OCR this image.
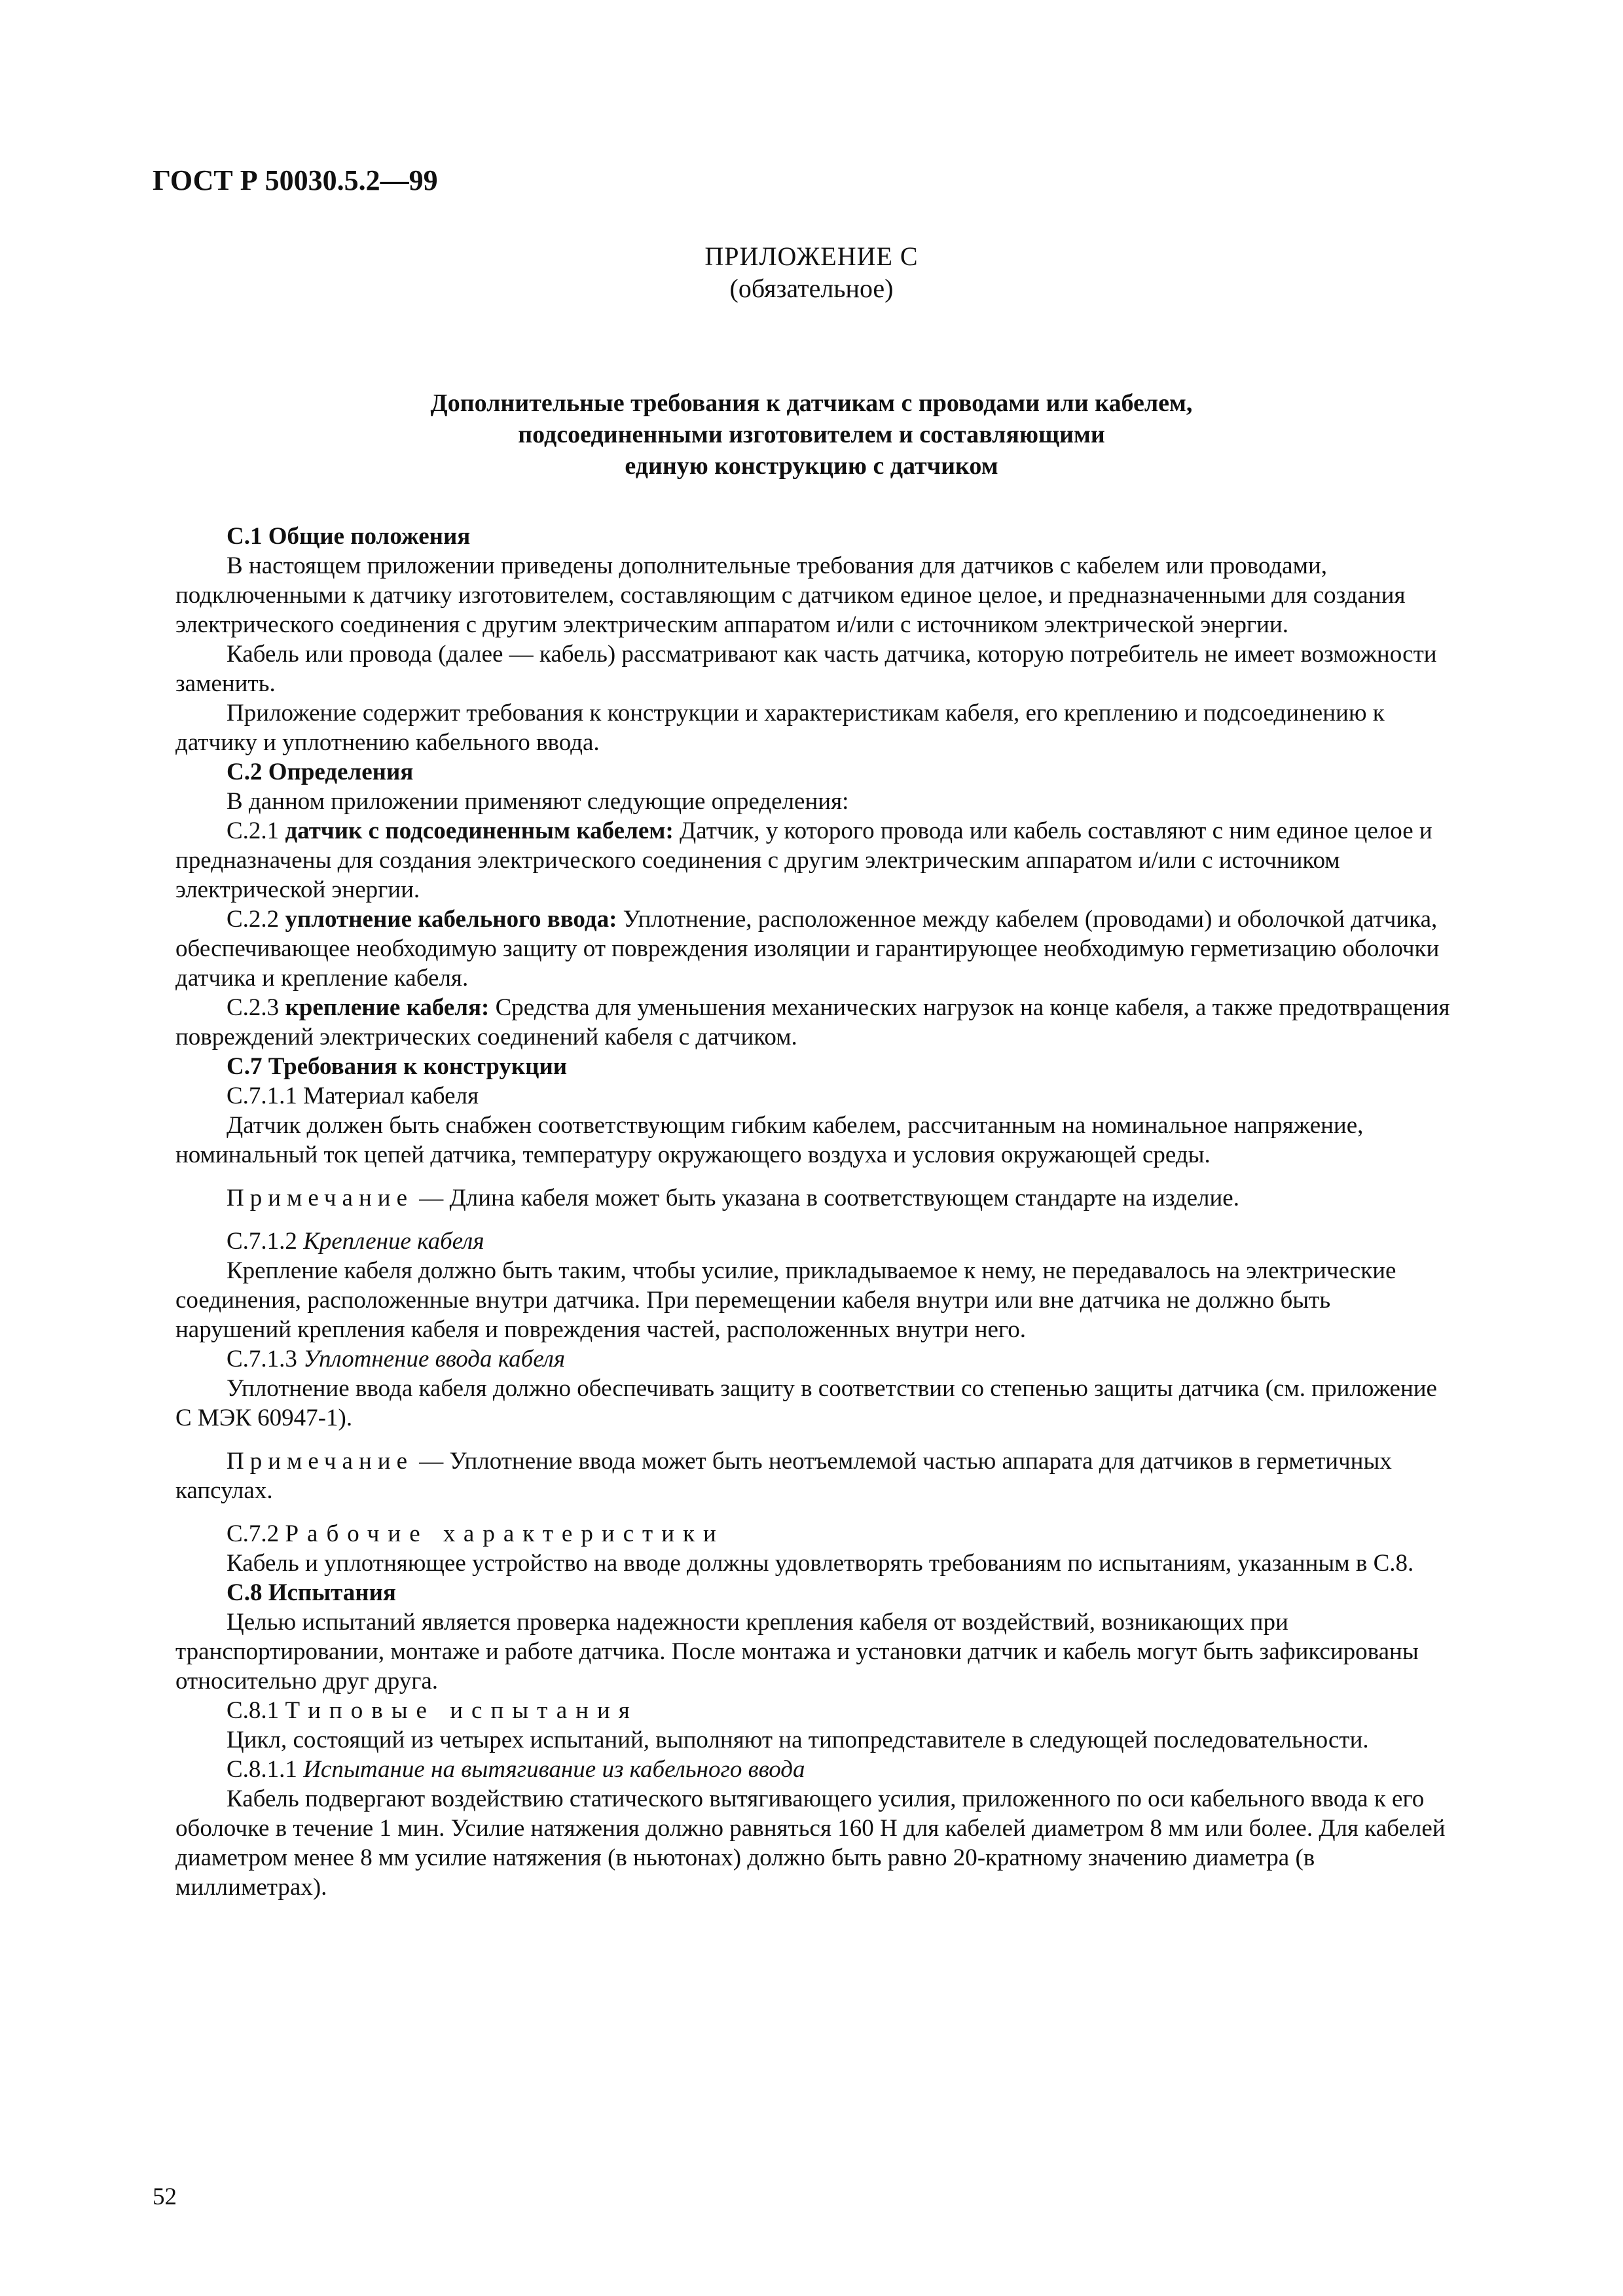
ГОСТ Р 50030.5.2—99
ПРИЛОЖЕНИЕ С
(обязательное)
Дополнительные требования к датчикам с проводами или кабелем,
подсоединенными изготовителем и составляющими
единую конструкцию с датчиком

С.1 Общие положения

В настоящем приложении приведены дополнительные требования для датчиков с кабелем или проводами, подключенными к датчику изготовителем, составляющим с датчиком единое целое, и предназначенными для создания электрического соединения с другим электрическим аппаратом и/или с источником электрической энергии.

Кабель или провода (далее — кабель) рассматривают как часть датчика, которую потребитель не имеет возможности заменить.

Приложение содержит требования к конструкции и характеристикам кабеля, его креплению и подсоединению к датчику и уплотнению кабельного ввода.

С.2 Определения

В данном приложении применяют следующие определения:

С.2.1 датчик с подсоединенным кабелем: Датчик, у которого провода или кабель составляют с ним единое целое и предназначены для создания электрического соединения с другим электрическим аппаратом и/или с источником электрической энергии.

С.2.2 уплотнение кабельного ввода: Уплотнение, расположенное между кабелем (проводами) и оболочкой датчика, обеспечивающее необходимую защиту от повреждения изоляции и гарантирующее необходимую герметизацию оболочки датчика и крепление кабеля.

С.2.3 крепление кабеля: Средства для уменьшения механических нагрузок на конце кабеля, а также предотвращения повреждений электрических соединений кабеля с датчиком.

С.7 Требования к конструкции

С.7.1.1 Материал кабеля

Датчик должен быть снабжен соответствующим гибким кабелем, рассчитанным на номинальное напряжение, номинальный ток цепей датчика, температуру окружающего воздуха и условия окружающей среды.

Примечание — Длина кабеля может быть указана в соответствующем стандарте на изделие.

С.7.1.2 Крепление кабеля

Крепление кабеля должно быть таким, чтобы усилие, прикладываемое к нему, не передавалось на электрические соединения, расположенные внутри датчика. При перемещении кабеля внутри или вне датчика не должно быть нарушений крепления кабеля и повреждения частей, расположенных внутри него.

С.7.1.3 Уплотнение ввода кабеля

Уплотнение ввода кабеля должно обеспечивать защиту в соответствии со степенью защиты датчика (см. приложение С МЭК 60947-1).

Примечание — Уплотнение ввода может быть неотъемлемой частью аппарата для датчиков в герметичных капсулах.

С.7.2 Рабочие характеристики

Кабель и уплотняющее устройство на вводе должны удовлетворять требованиям по испытаниям, указанным в С.8.

С.8 Испытания

Целью испытаний является проверка надежности крепления кабеля от воздействий, возникающих при транспортировании, монтаже и работе датчика. После монтажа и установки датчик и кабель могут быть зафиксированы относительно друг друга.

С.8.1 Типовые испытания

Цикл, состоящий из четырех испытаний, выполняют на типопредставителе в следующей последовательности.

С.8.1.1 Испытание на вытягивание из кабельного ввода

Кабель подвергают воздействию статического вытягивающего усилия, приложенного по оси кабельного ввода к его оболочке в течение 1 мин. Усилие натяжения должно равняться 160 Н для кабелей диаметром 8 мм или более. Для кабелей диаметром менее 8 мм усилие натяжения (в ньютонах) должно быть равно 20-кратному значению диаметра (в миллиметрах).

52
